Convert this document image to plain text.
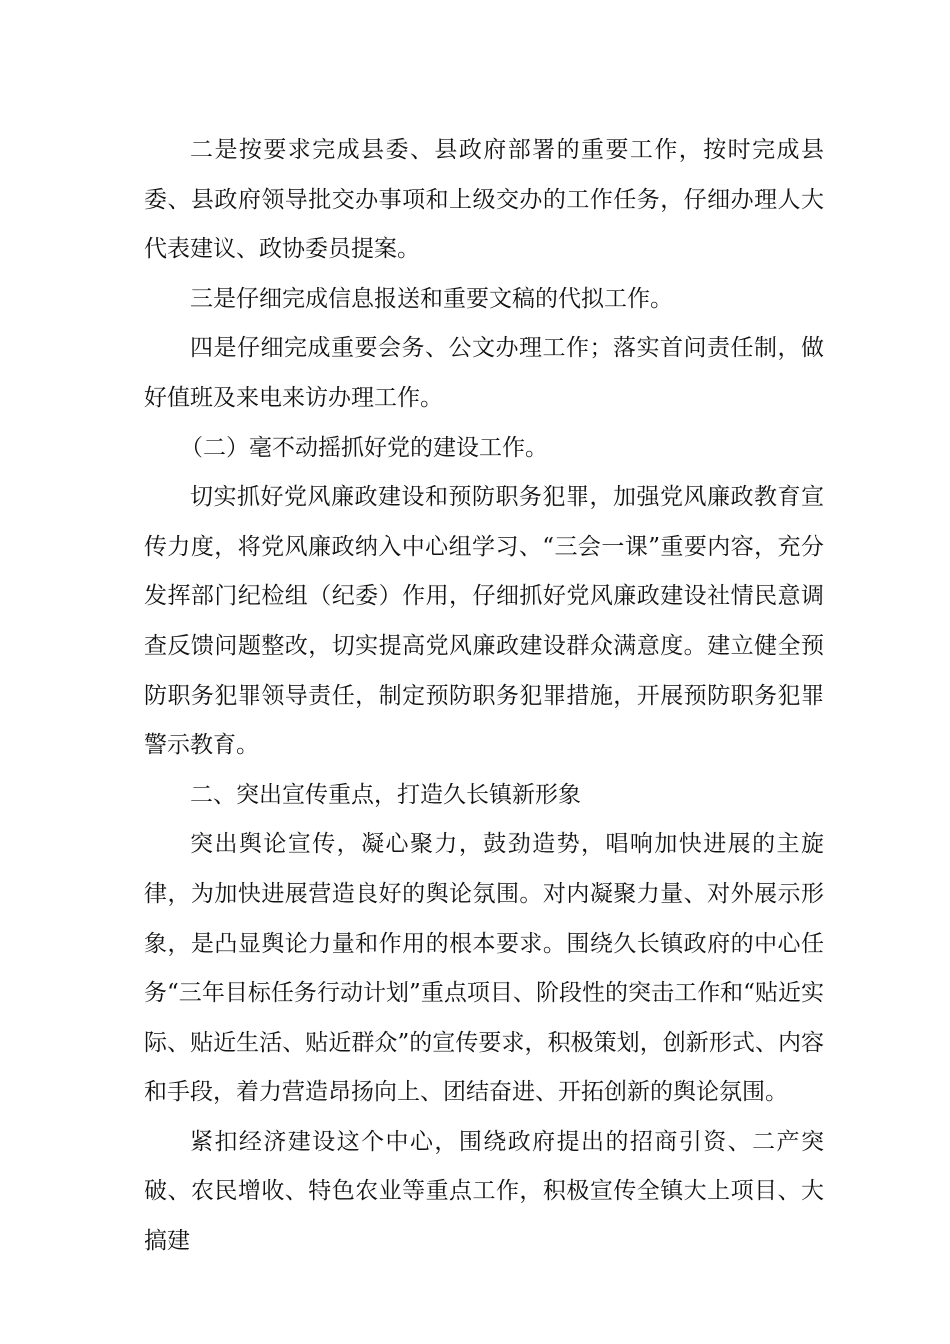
二是按要求完成县委、县政府部署的重要工作，按时完成县委、县政府领导批交办事项和上级交办的工作任务，仔细办理人大代表建议、政协委员提案。

三是仔细完成信息报送和重要文稿的代拟工作。

四是仔细完成重要会务、公文办理工作；落实首问责任制，做好值班及来电来访办理工作。

（二）毫不动摇抓好党的建设工作。

切实抓好党风廉政建设和预防职务犯罪，加强党风廉政教育宣传力度，将党风廉政纳入中心组学习、“三会一课”重要内容，充分发挥部门纪检组（纪委）作用，仔细抓好党风廉政建设社情民意调查反馈问题整改，切实提高党风廉政建设群众满意度。建立健全预防职务犯罪领导责任，制定预防职务犯罪措施，开展预防职务犯罪警示教育。

二、突出宣传重点，打造久长镇新形象

突出舆论宣传，凝心聚力，鼓劲造势，唱响加快进展的主旋律，为加快进展营造良好的舆论氛围。对内凝聚力量、对外展示形象，是凸显舆论力量和作用的根本要求。围绕久长镇政府的中心任务“三年目标任务行动计划”重点项目、阶段性的突击工作和“贴近实际、贴近生活、贴近群众”的宣传要求，积极策划，创新形式、内容和手段，着力营造昂扬向上、团结奋进、开拓创新的舆论氛围。

紧扣经济建设这个中心，围绕政府提出的招商引资、二产突破、农民增收、特色农业等重点工作，积极宣传全镇大上项目、大搞建
